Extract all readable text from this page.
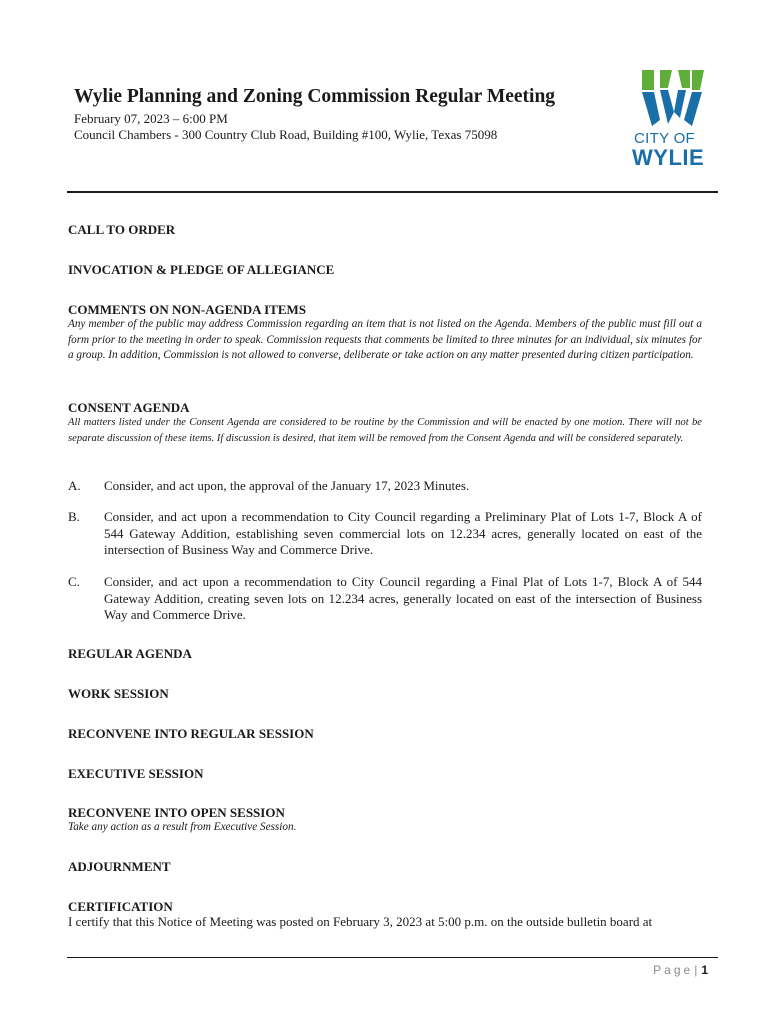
Wylie Planning and Zoning Commission Regular Meeting
February 07, 2023 – 6:00 PM
Council Chambers - 300 Country Club Road, Building #100, Wylie, Texas 75098	CITY OF
WYLIE
CALL TO ORDER
INVOCATION & PLEDGE OF ALLEGIANCE
COMMENTS ON NON-AGENDA ITEMS
Any member of the public may address Commission regarding an item that is not listed on the Agenda. Members of the public must fill out a form prior to the meeting in order to speak. Commission requests that comments be limited to three minutes for an individual, six minutes for a group. In addition, Commission is not allowed to converse, deliberate or take action on any matter presented during citizen participation.
CONSENT AGENDA
All matters listed under the Consent Agenda are considered to be routine by the Commission and will be enacted by one motion. There will not be separate discussion of these items. If discussion is desired, that item will be removed from the Consent Agenda and will be considered separately.
A. Consider, and act upon, the approval of the January 17, 2023 Minutes.
B. Consider, and act upon a recommendation to City Council regarding a Preliminary Plat of Lots 1-7, Block A of 544 Gateway Addition, establishing seven commercial lots on 12.234 acres, generally located on east of the intersection of Business Way and Commerce Drive.
C. Consider, and act upon a recommendation to City Council regarding a Final Plat of Lots 1-7, Block A of 544 Gateway Addition, creating seven lots on 12.234 acres, generally located on east of the intersection of Business Way and Commerce Drive.
REGULAR AGENDA
WORK SESSION
RECONVENE INTO REGULAR SESSION
EXECUTIVE SESSION
RECONVENE INTO OPEN SESSION
Take any action as a result from Executive Session.
ADJOURNMENT
CERTIFICATION
I certify that this Notice of Meeting was posted on February 3, 2023 at 5:00 p.m. on the outside bulletin board at
Page| 1
